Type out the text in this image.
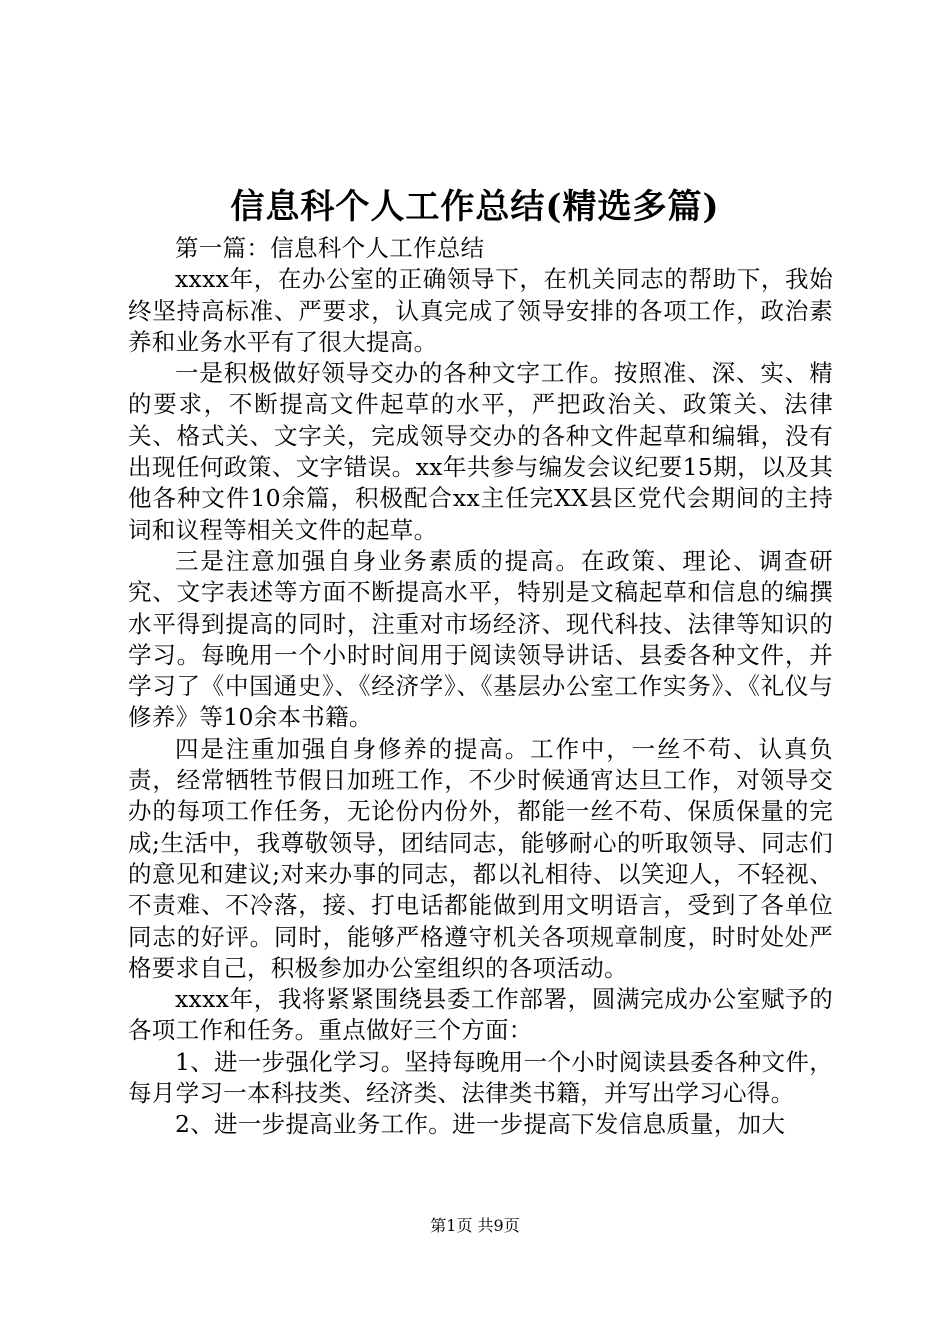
信息科个人工作总结(精选多篇)

第一篇：信息科个人工作总结

xxxx年，在办公室的正确领导下，在机关同志的帮助下，我始终坚持高标准、严要求，认真完成了领导安排的各项工作，政治素养和业务水平有了很大提高。

一是积极做好领导交办的各种文字工作。按照准、深、实、精的要求，不断提高文件起草的水平，严把政治关、政策关、法律关、格式关、文字关，完成领导交办的各种文件起草和编辑，没有出现任何政策、文字错误。xx年共参与编发会议纪要15期，以及其他各种文件10余篇，积极配合xx主任完XX县区党代会期间的主持词和议程等相关文件的起草。

三是注意加强自身业务素质的提高。在政策、理论、调查研究、文字表述等方面不断提高水平，特别是文稿起草和信息的编撰水平得到提高的同时，注重对市场经济、现代科技、法律等知识的学习。每晚用一个小时时间用于阅读领导讲话、县委各种文件，并学习了《中国通史》、《经济学》、《基层办公室工作实务》、《礼仪与修养》等10余本书籍。

四是注重加强自身修养的提高。工作中，一丝不苟、认真负责，经常牺牲节假日加班工作，不少时候通宵达旦工作，对领导交办的每项工作任务，无论份内份外，都能一丝不苟、保质保量的完成;生活中，我尊敬领导，团结同志，能够耐心的听取领导、同志们的意见和建议;对来办事的同志，都以礼相待、以笑迎人，不轻视、不责难、不冷落，接、打电话都能做到用文明语言，受到了各单位同志的好评。同时，能够严格遵守机关各项规章制度，时时处处严格要求自己，积极参加办公室组织的各项活动。

xxxx年，我将紧紧围绕县委工作部署，圆满完成办公室赋予的各项工作和任务。重点做好三个方面：

1、进一步强化学习。坚持每晚用一个小时阅读县委各种文件，每月学习一本科技类、经济类、法律类书籍，并写出学习心得。

2、进一步提高业务工作。进一步提高下发信息质量，加大

第1页 共9页
